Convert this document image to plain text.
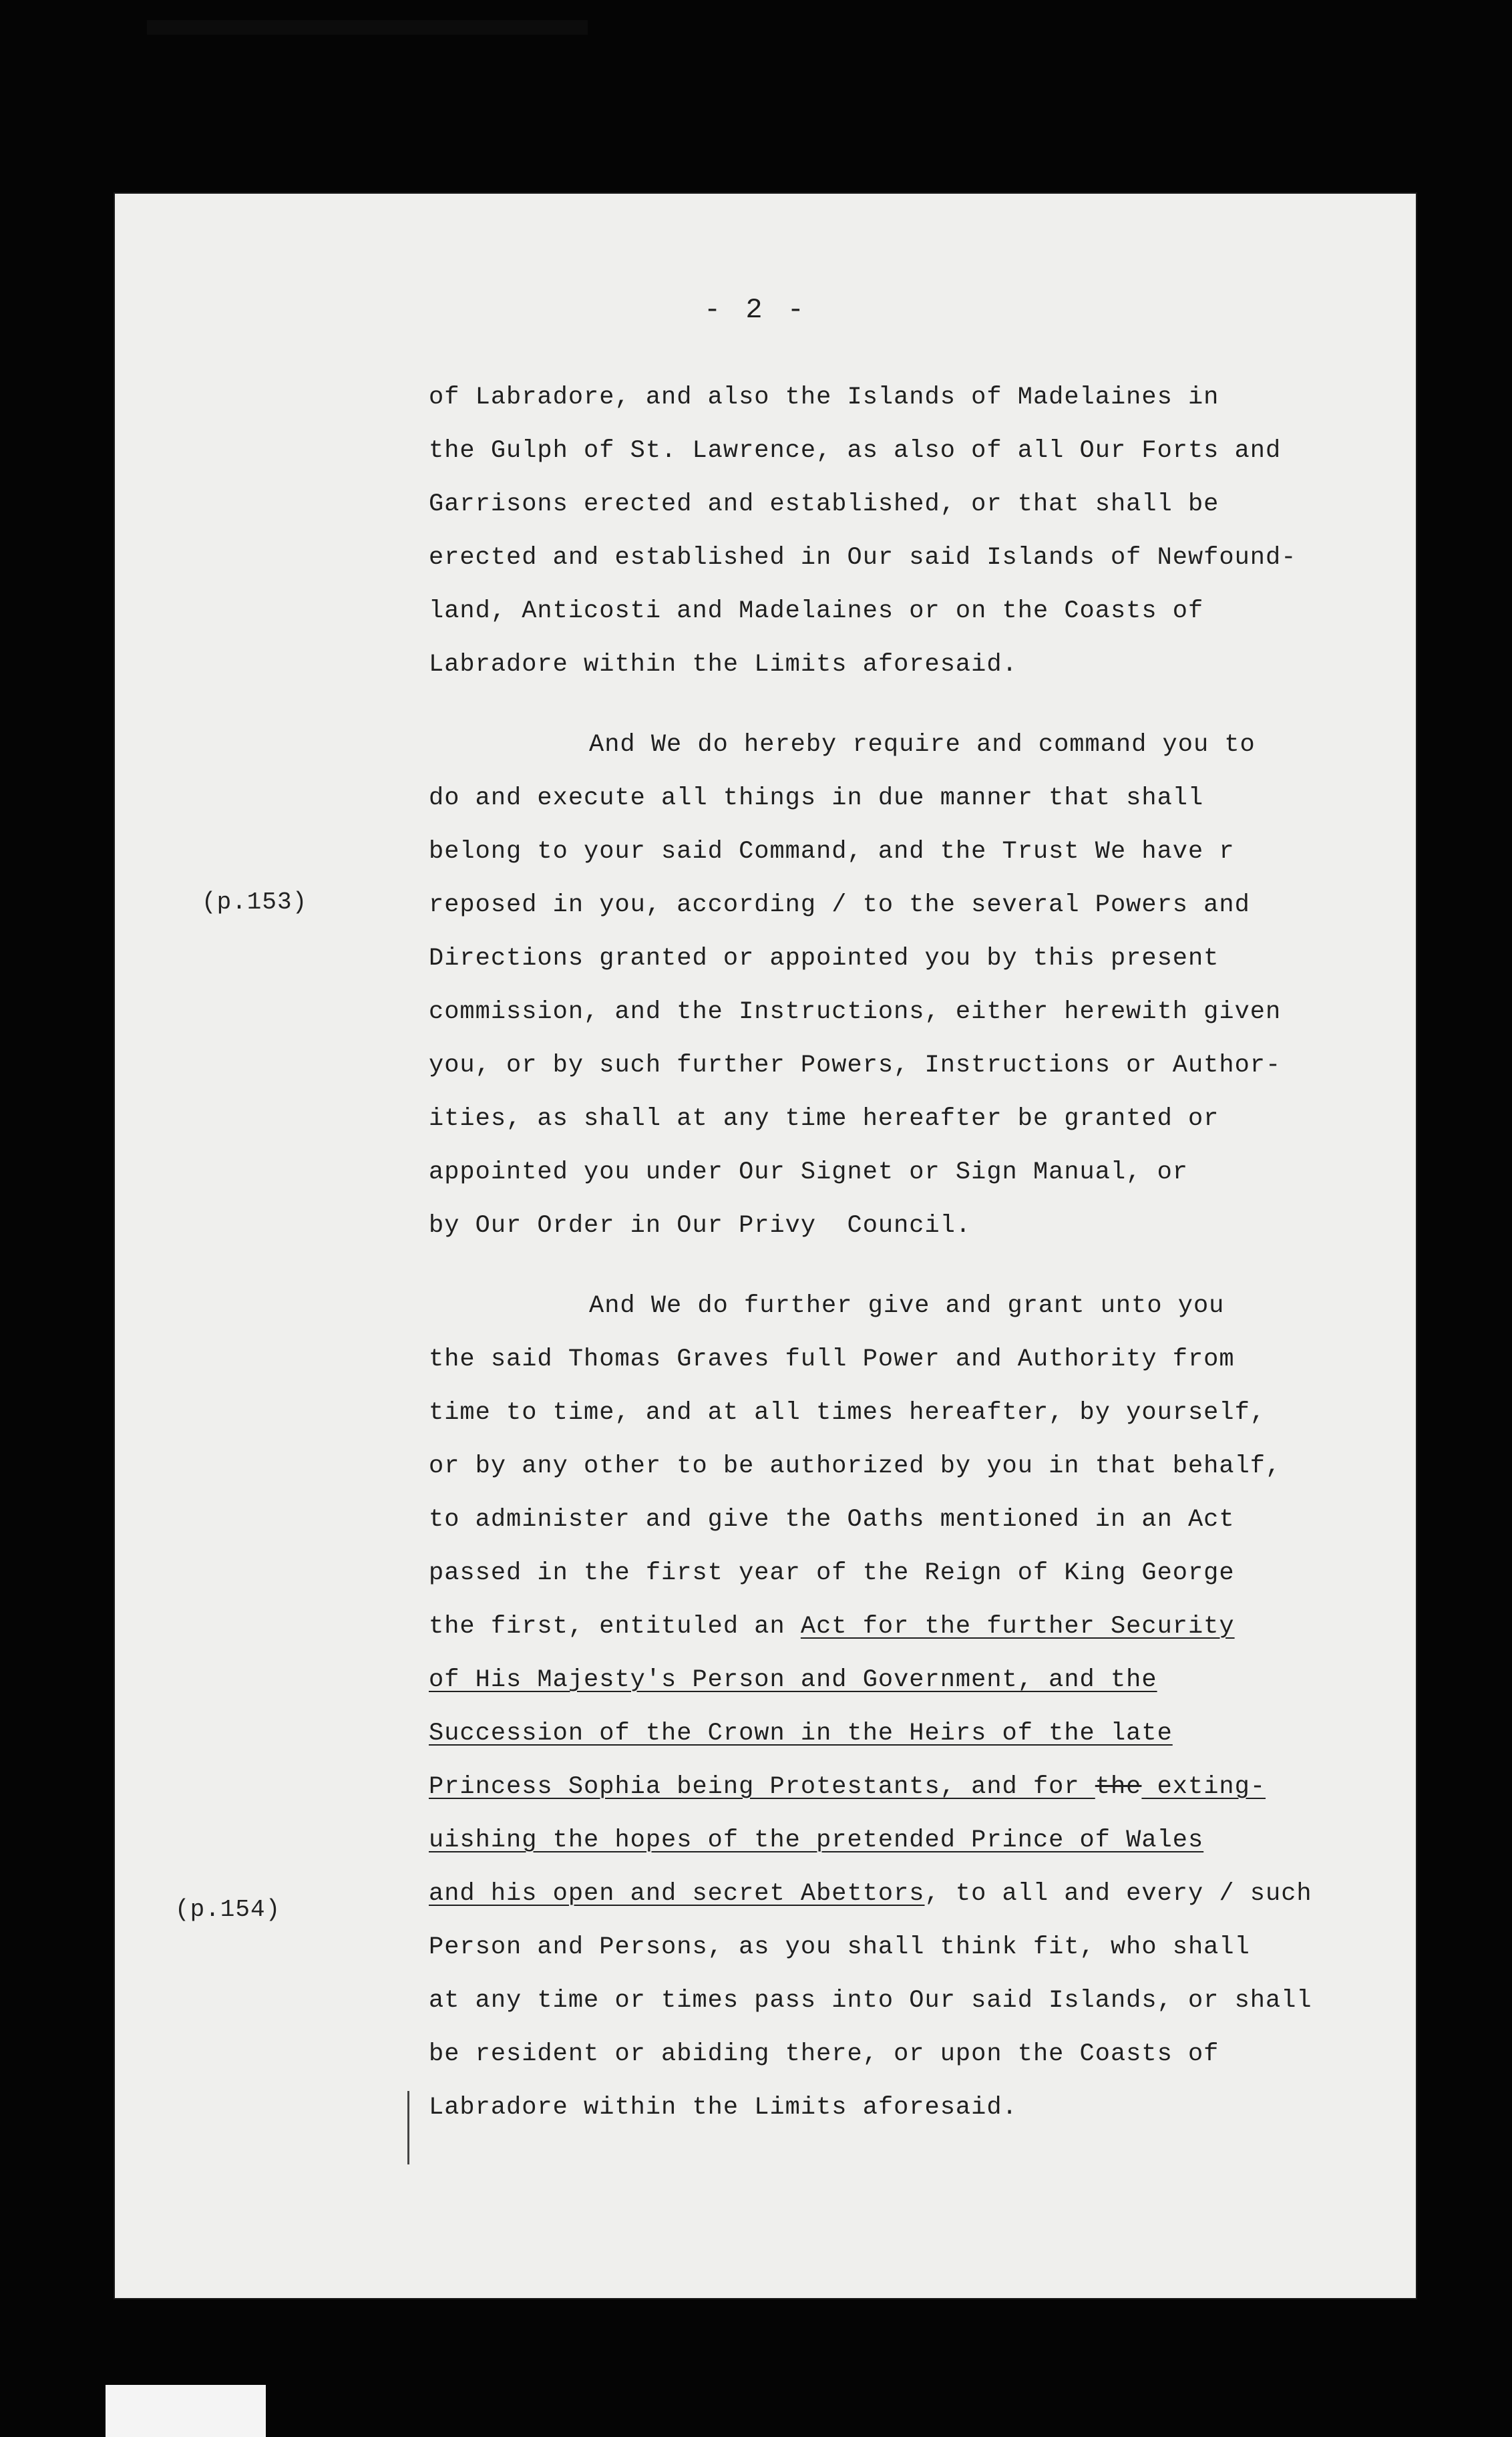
- 2 -
(p.153)
(p.154)
of Labradore, and also the Islands of Madelaines in
the Gulph of St. Lawrence, as also of all Our Forts and
Garrisons erected and established, or that shall be
erected and established in Our said Islands of Newfound-
land, Anticosti and Madelaines or on the Coasts of
Labradore within the Limits aforesaid.
And We do hereby require and command you to
do and execute all things in due manner that shall
belong to your said Command, and the Trust We have r
reposed in you, according / to the several Powers and
Directions granted or appointed you by this present
commission, and the Instructions, either herewith given
you, or by such further Powers, Instructions or Author-
ities, as shall at any time hereafter be granted or
appointed you under Our Signet or Sign Manual, or
by Our Order in Our Privy  Council.
And We do further give and grant unto you
the said Thomas Graves full Power and Authority from
time to time, and at all times hereafter, by yourself,
or by any other to be authorized by you in that behalf,
to administer and give the Oaths mentioned in an Act
passed in the first year of the Reign of King George
the first, entituled an Act for the further Security
of His Majesty's Person and Government, and the
Succession of the Crown in the Heirs of the late
Princess Sophia being Protestants, and for the exting-
uishing the hopes of the pretended Prince of Wales
and his open and secret Abettors, to all and every / such
Person and Persons, as you shall think fit, who shall
at any time or times pass into Our said Islands, or shall
be resident or abiding there, or upon the Coasts of
Labradore within the Limits aforesaid.
